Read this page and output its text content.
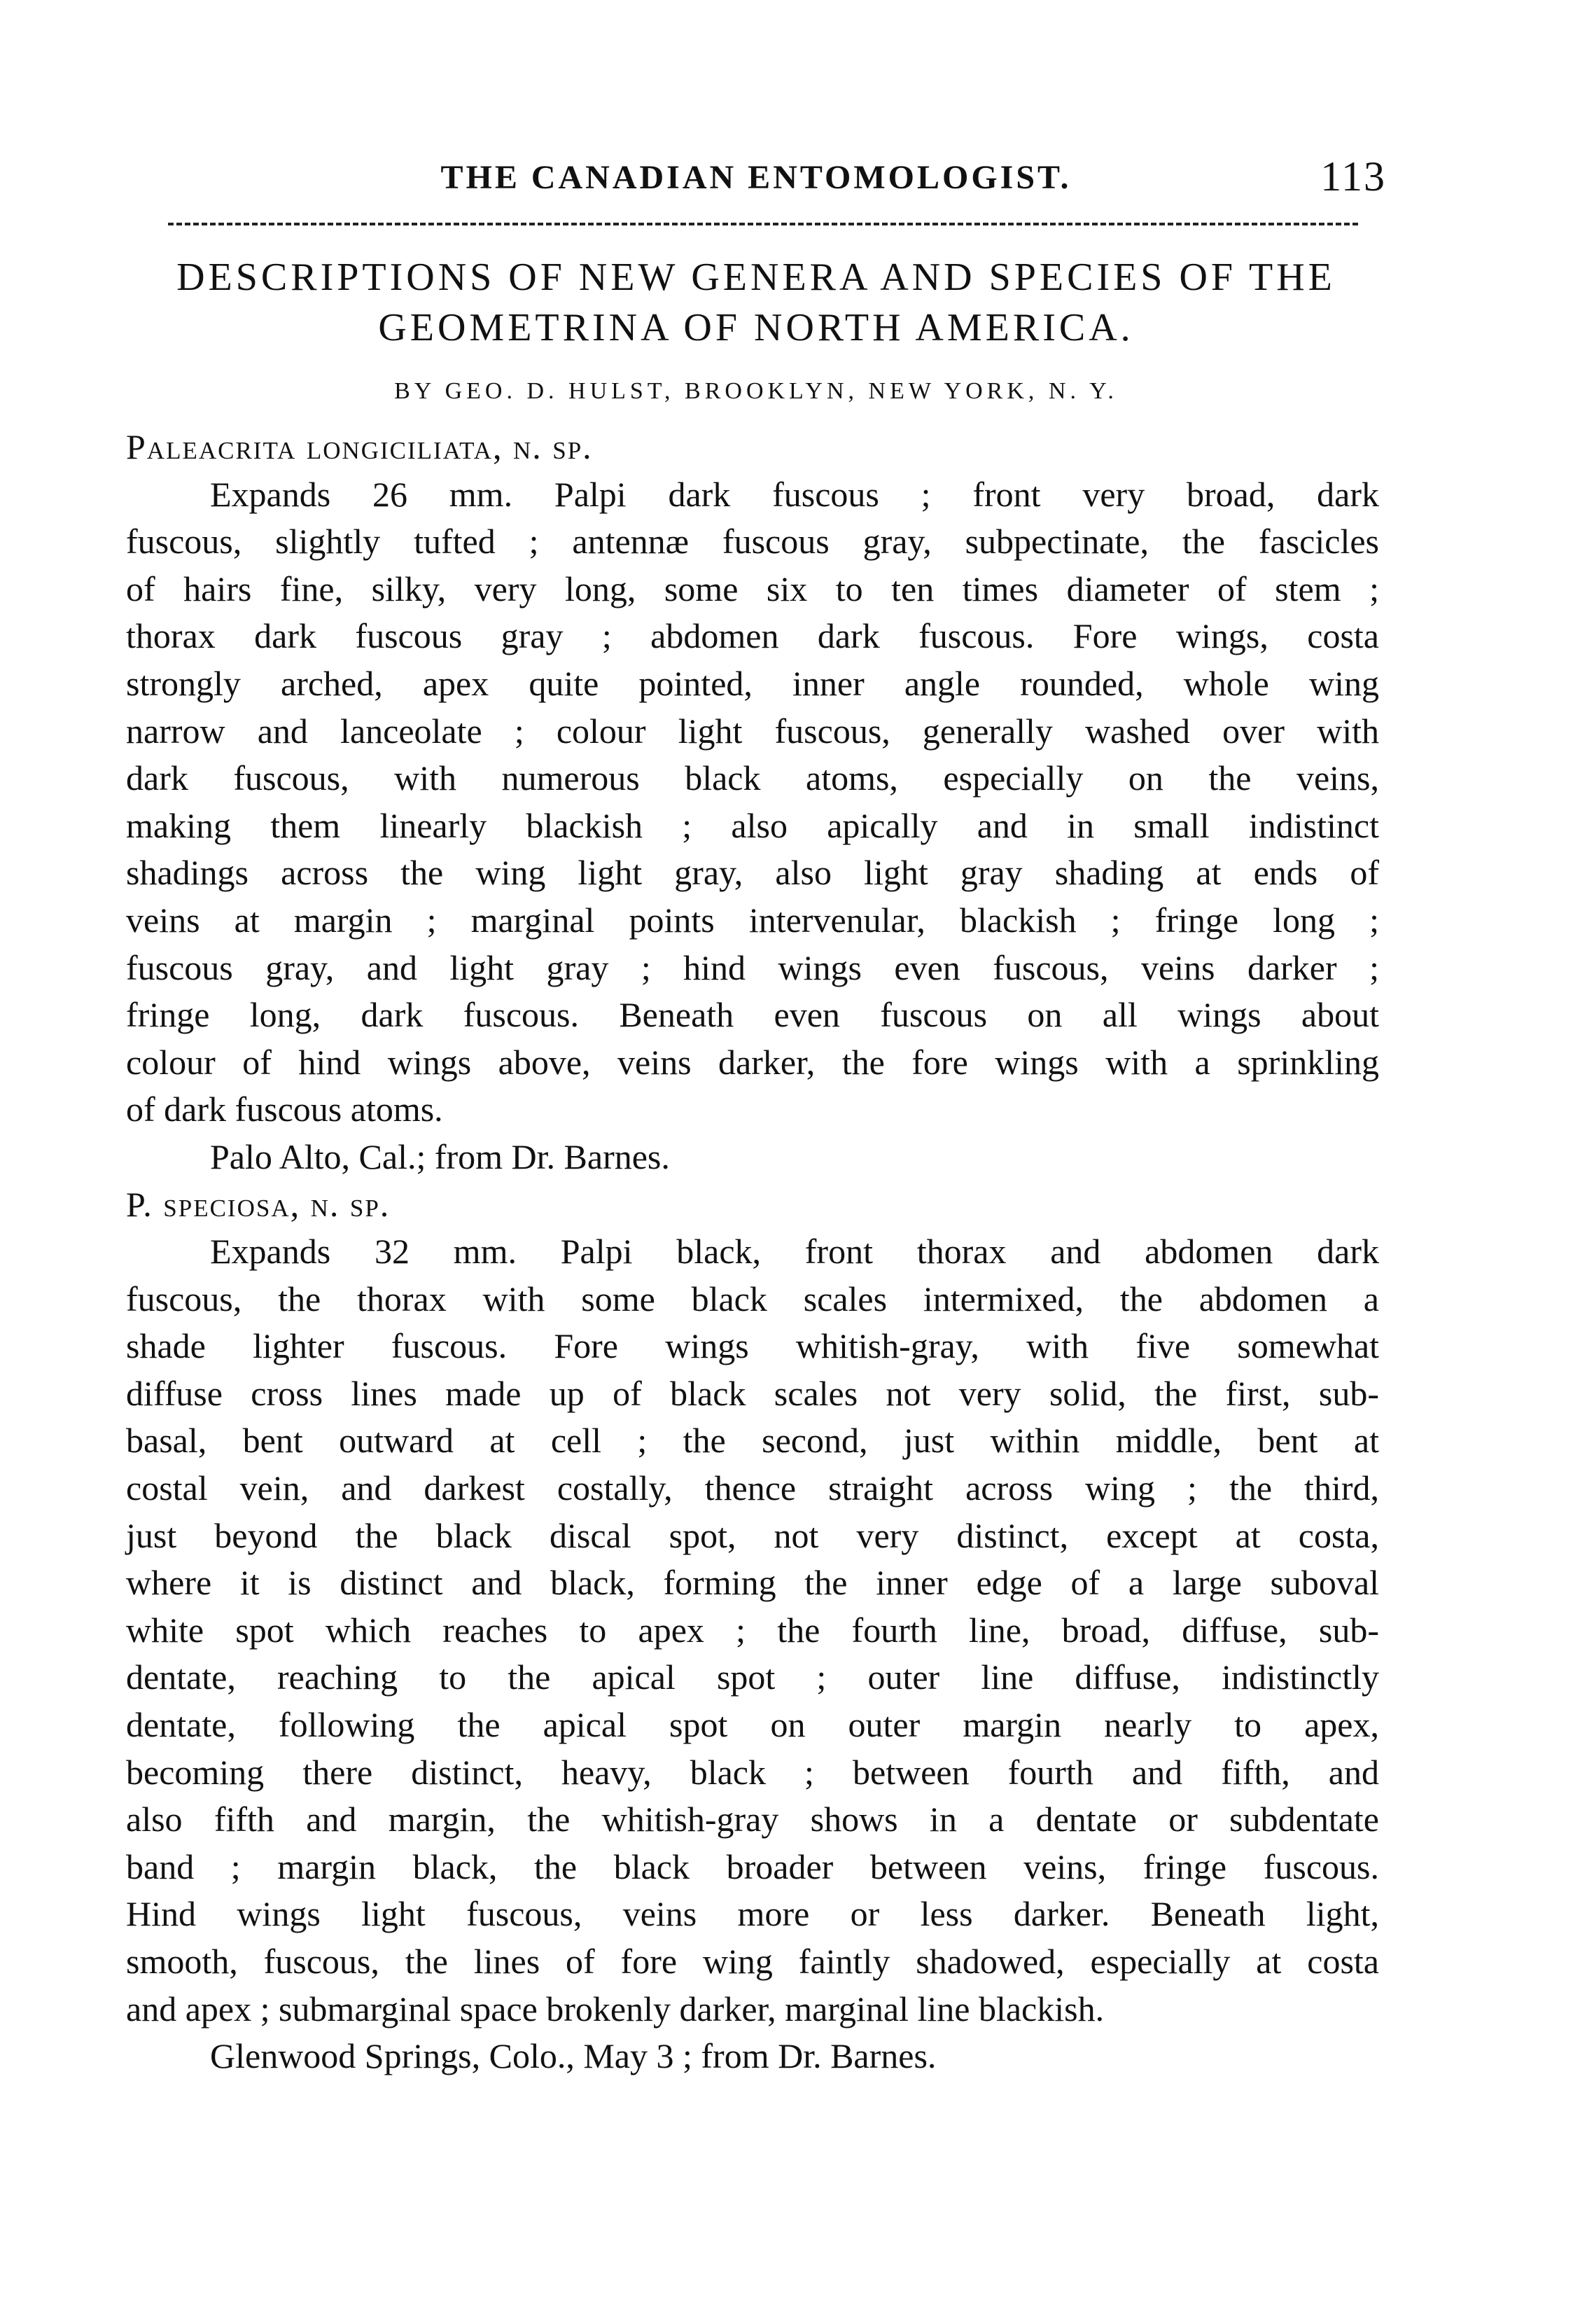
THE CANADIAN ENTOMOLOGIST.	113
DESCRIPTIONS OF NEW GENERA AND SPECIES OF THE
GEOMETRINA OF NORTH AMERICA.
BY GEO. D. HULST, BROOKLYN, NEW YORK, N. Y.
Paleacrita longiciliata, n. sp.
Expands 26 mm. Palpi dark fuscous ; front very broad, dark
fuscous, slightly tufted ; antennæ fuscous gray, subpectinate, the fascicles
of hairs fine, silky, very long, some six to ten times diameter of stem ;
thorax dark fuscous gray ; abdomen dark fuscous. Fore wings, costa
strongly arched, apex quite pointed, inner angle rounded, whole wing
narrow and lanceolate ; colour light fuscous, generally washed over with
dark fuscous, with numerous black atoms, especially on the veins,
making them linearly blackish ; also apically and in small indistinct
shadings across the wing light gray, also light gray shading at ends of
veins at margin ; marginal points intervenular, blackish ; fringe long ;
fuscous gray, and light gray ; hind wings even fuscous, veins darker ;
fringe long, dark fuscous. Beneath even fuscous on all wings about
colour of hind wings above, veins darker, the fore wings with a sprinkling
of dark fuscous atoms.
Palo Alto, Cal.; from Dr. Barnes.
P. speciosa, n. sp.
Expands 32 mm. Palpi black, front thorax and abdomen dark
fuscous, the thorax with some black scales intermixed, the abdomen a
shade lighter fuscous. Fore wings whitish-gray, with five somewhat
diffuse cross lines made up of black scales not very solid, the first, sub-
basal, bent outward at cell ; the second, just within middle, bent at
costal vein, and darkest costally, thence straight across wing ; the third,
just beyond the black discal spot, not very distinct, except at costa,
where it is distinct and black, forming the inner edge of a large suboval
white spot which reaches to apex ; the fourth line, broad, diffuse, sub-
dentate, reaching to the apical spot ; outer line diffuse, indistinctly
dentate, following the apical spot on outer margin nearly to apex,
becoming there distinct, heavy, black ; between fourth and fifth, and
also fifth and margin, the whitish-gray shows in a dentate or subdentate
band ; margin black, the black broader between veins, fringe fuscous.
Hind wings light fuscous, veins more or less darker. Beneath light,
smooth, fuscous, the lines of fore wing faintly shadowed, especially at costa
and apex ; submarginal space brokenly darker, marginal line blackish.
Glenwood Springs, Colo., May 3 ; from Dr. Barnes.
